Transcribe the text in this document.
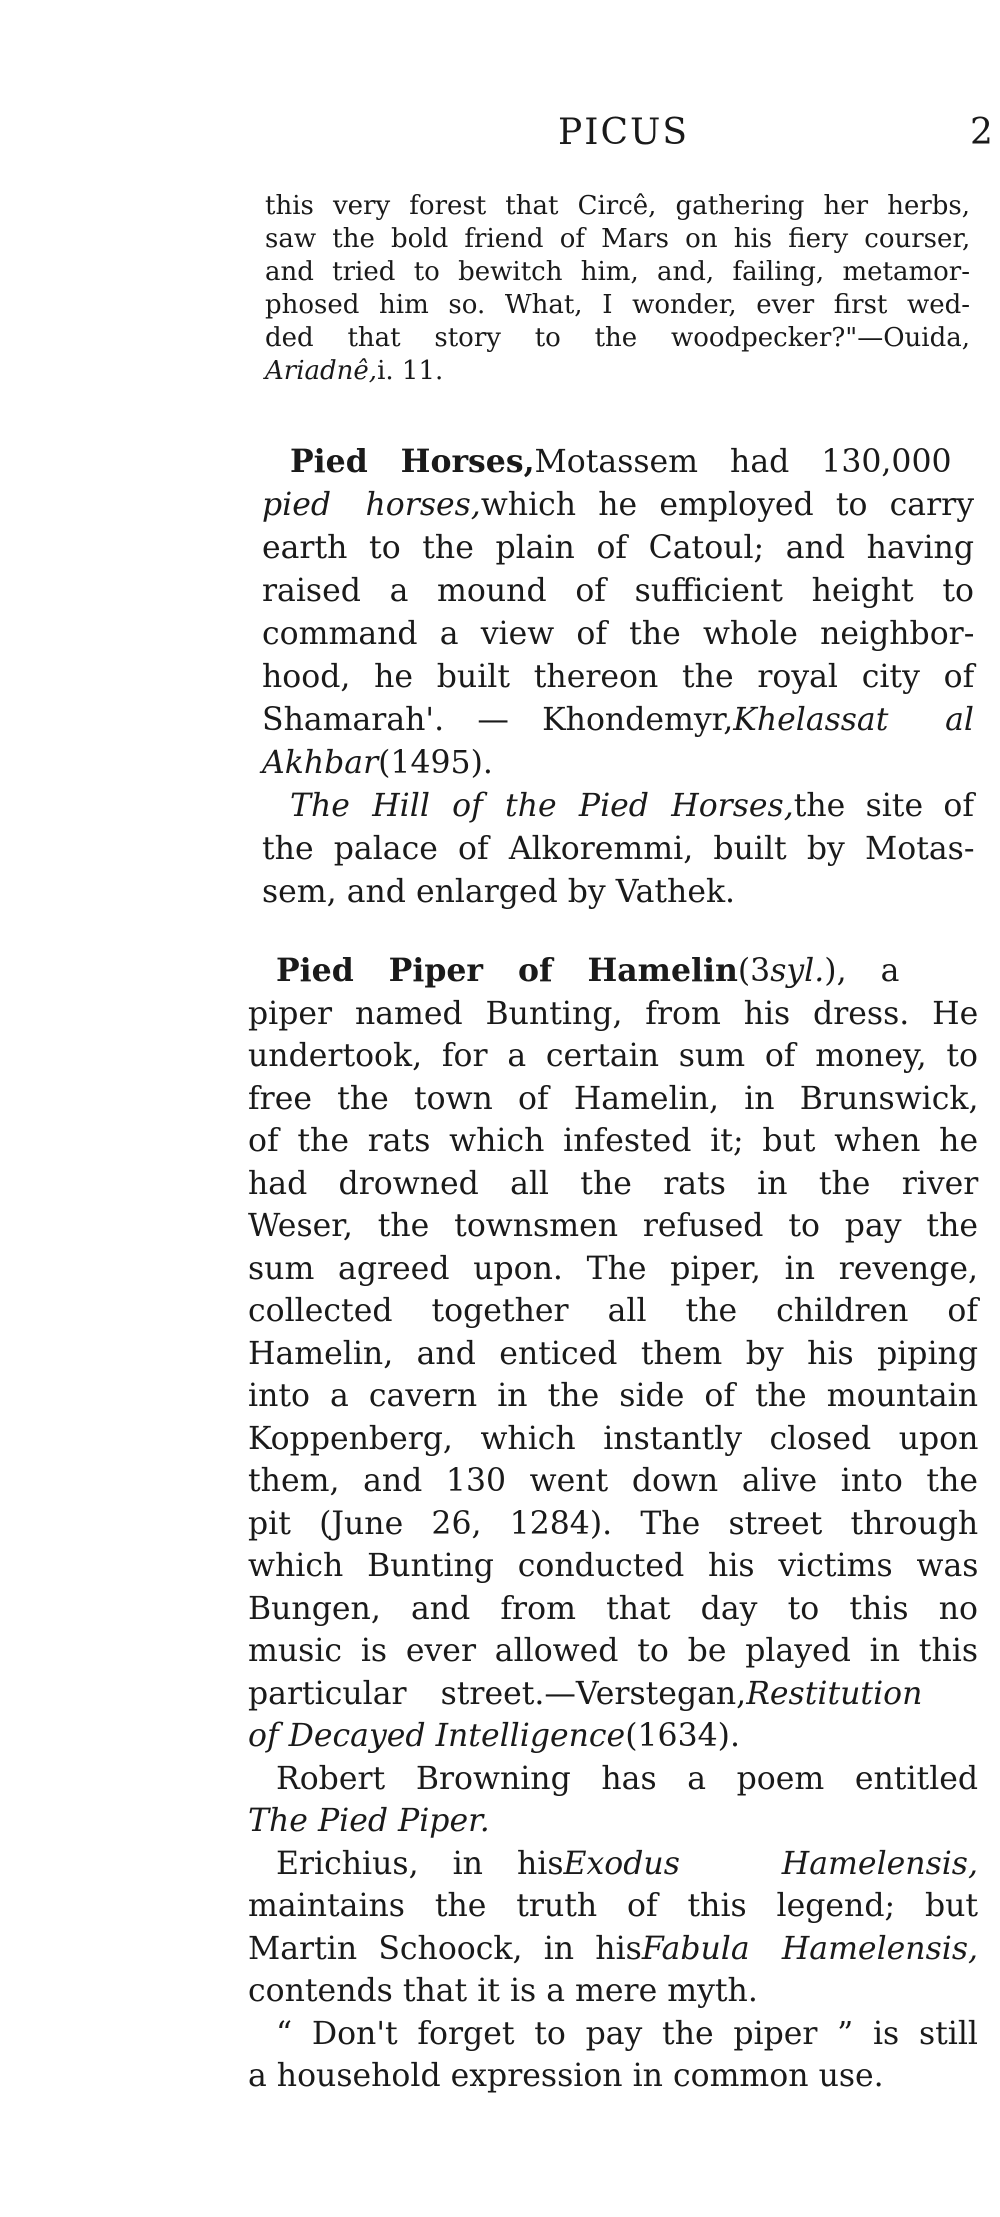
PICUS	2
this very forest that Circê, gathering her herbs,
saw the bold friend of Mars on his fiery courser,
and tried to bewitch him, and, failing, metamor-
phosed him so. What, I wonder, ever first wed-
ded that story to the woodpecker?"—Ouida,
Ariadnê,i. 11.
Pied Horses,Motassem had 130,000
pied horses,which he employed to carry
earth to the plain of Catoul; and having
raised a mound of sufficient height to
command a view of the whole neighbor-
hood, he built thereon the royal city of
Shamarah'. — Khondemyr,Khelassat al
Akhbar(1495).
The Hill of the Pied Horses,the site of
the palace of Alkoremmi, built by Motas-
sem, and enlarged by Vathek.
Pied Piper of Hamelin(3syl.), a
piper named Bunting, from his dress. He
undertook, for a certain sum of money, to
free the town of Hamelin, in Brunswick,
of the rats which infested it; but when he
had drowned all the rats in the river
Weser, the townsmen refused to pay the
sum agreed upon. The piper, in revenge,
collected together all the children of
Hamelin, and enticed them by his piping
into a cavern in the side of the mountain
Koppenberg, which instantly closed upon
them, and 130 went down alive into the
pit (June 26, 1284). The street through
which Bunting conducted his victims was
Bungen, and from that day to this no
music is ever allowed to be played in this
particular street.—Verstegan,Restitution
of Decayed Intelligence(1634).
Robert Browning has a poem entitled
The Pied Piper.
Erichius, in hisExodus Hamelensis,
maintains the truth of this legend; but
Martin Schoock, in hisFabula Hamelensis,
contends that it is a mere myth.
“ Don't forget to pay the piper ” is still
a household expression in common use.
